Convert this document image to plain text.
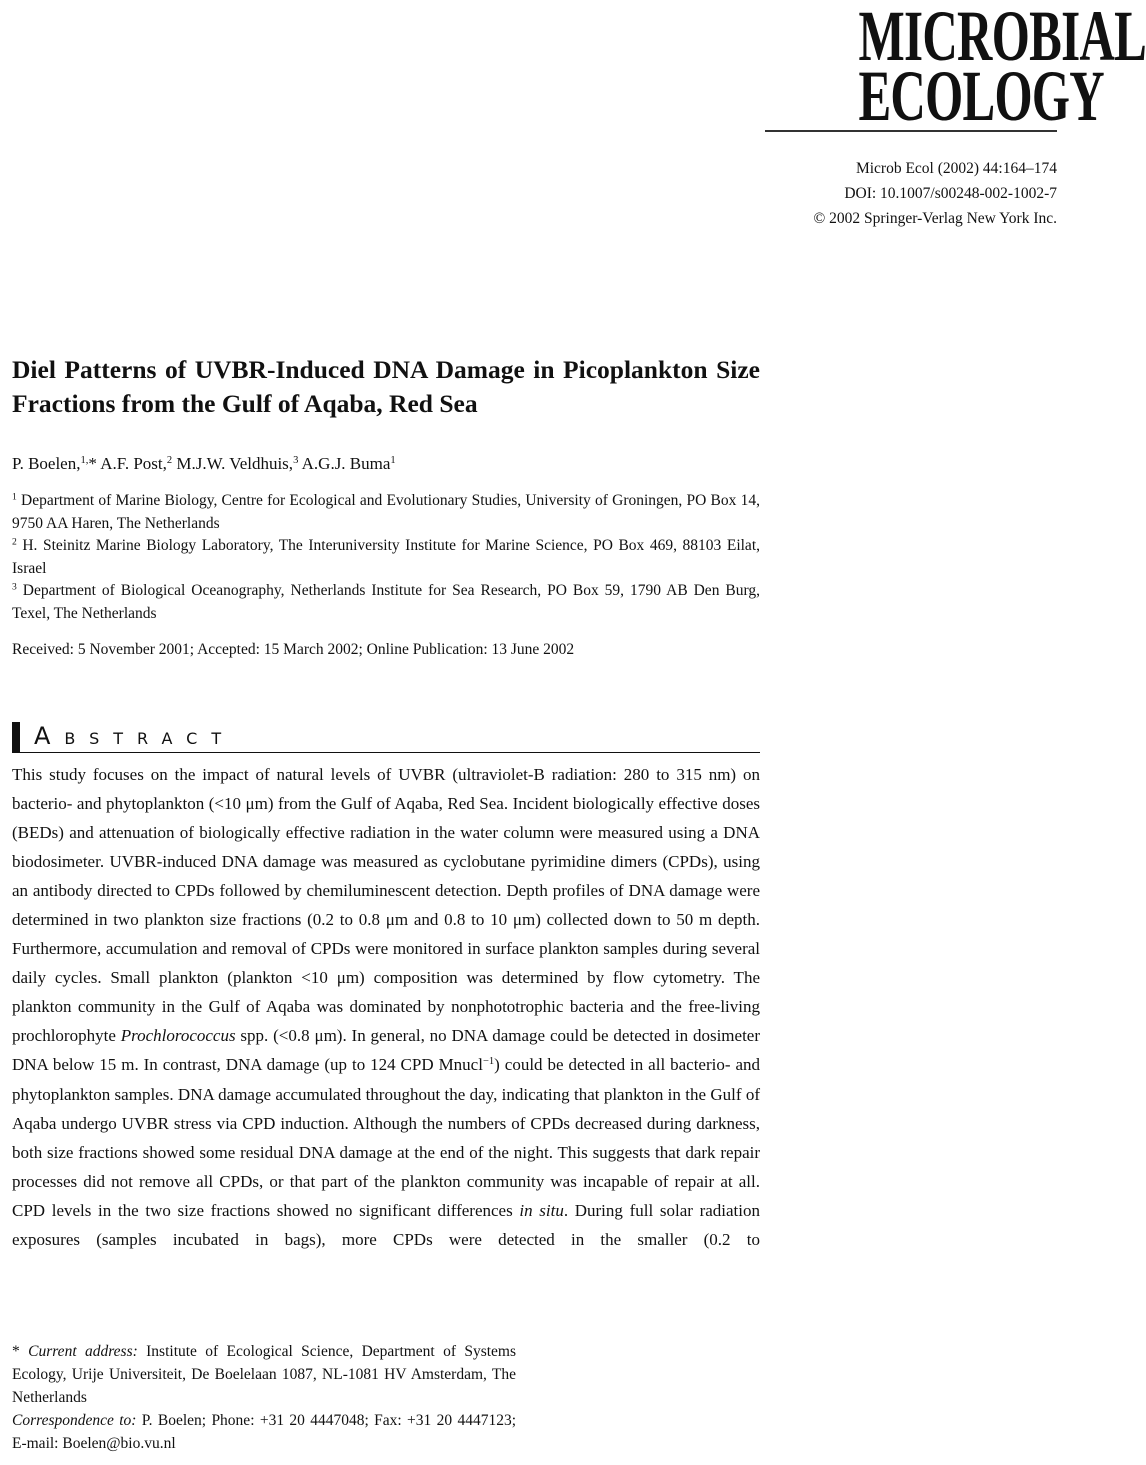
MICROBIAL
ECOLOGY
Microb Ecol (2002) 44:164–174
DOI: 10.1007/s00248-002-1002-7
© 2002 Springer-Verlag New York Inc.
Diel Patterns of UVBR-Induced DNA Damage in Picoplankton Size Fractions from the Gulf of Aqaba, Red Sea
P. Boelen,$^{1,}$* A.F. Post,$^2$ M.J.W. Veldhuis,$^3$ A.G.J. Buma$^1$

$^1$ Department of Marine Biology, Centre for Ecological and Evolutionary Studies, University of Groningen, PO Box 14, 9750 AA Haren, The Netherlands

$^2$ H. Steinitz Marine Biology Laboratory, The Interuniversity Institute for Marine Science, PO Box 469, 88103 Eilat, Israel

$^3$ Department of Biological Oceanography, Netherlands Institute for Sea Research, PO Box 59, 1790 AB Den Burg, Texel, The Netherlands

Received: 5 November 2001; Accepted: 15 March 2002; Online Publication: 13 June 2002
ABSTRACT

This study focuses on the impact of natural levels of UVBR (ultraviolet-B radiation: 280 to 315 nm) on bacterio- and phytoplankton (<10 μm) from the Gulf of Aqaba, Red Sea. Incident biologically effective doses (BEDs) and attenuation of biologically effective radiation in the water column were measured using a DNA biodosimeter. UVBR-induced DNA damage was measured as cyclobutane pyrimidine dimers (CPDs), using an antibody directed to CPDs followed by chemiluminescent detection. Depth profiles of DNA damage were determined in two plankton size fractions (0.2 to 0.8 μm and 0.8 to 10 μm) collected down to 50 m depth. Furthermore, accumulation and removal of CPDs were monitored in surface plankton samples during several daily cycles. Small plankton (plankton <10 μm) composition was determined by flow cytometry. The plankton community in the Gulf of Aqaba was dominated by nonphototrophic bacteria and the free-living prochlorophyte Prochlorococcus spp. (<0.8 μm). In general, no DNA damage could be detected in dosimeter DNA below 15 m. In contrast, DNA damage (up to 124 CPD Mnucl$^{-1}$) could be detected in all bacterio- and phytoplankton samples. DNA damage accumulated throughout the day, indicating that plankton in the Gulf of Aqaba undergo UVBR stress via CPD induction. Although the numbers of CPDs decreased during darkness, both size fractions showed some residual DNA damage at the end of the night. This suggests that dark repair processes did not remove all CPDs, or that part of the plankton community was incapable of repair at all. CPD levels in the two size fractions showed no significant differences in situ. During full solar radiation exposures (samples incubated in bags), more CPDs were detected in the smaller (0.2 to

* Current address: Institute of Ecological Science, Department of Systems Ecology, Urije Universiteit, De Boelelaan 1087, NL-1081 HV Amsterdam, The Netherlands

Correspondence to: P. Boelen; Phone: +31 20 4447048; Fax: +31 20 4447123; E-mail: Boelen@bio.vu.nl
